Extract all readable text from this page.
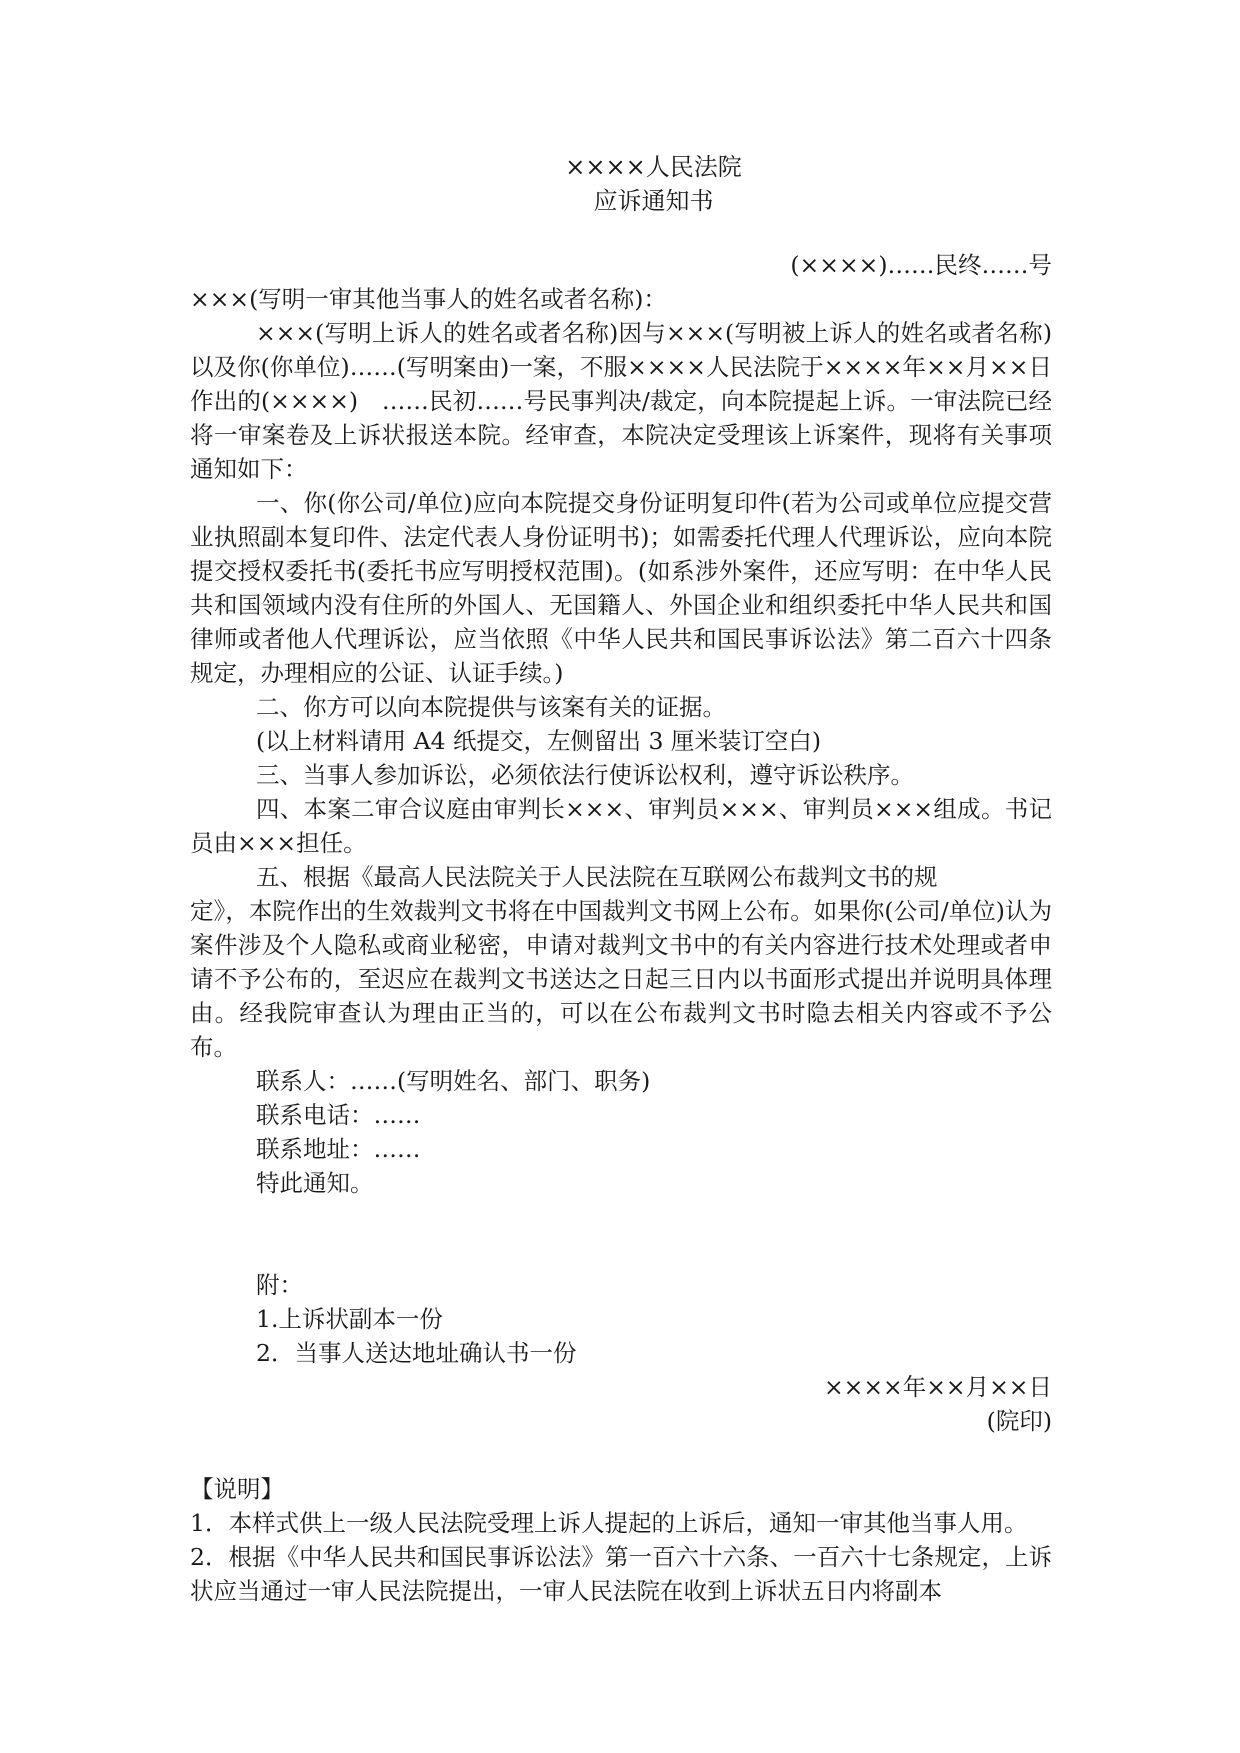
××××人民法院
应诉通知书
(××××)……民终……号

×××(写明一审其他当事人的姓名或者名称)：

×××(写明上诉人的姓名或者名称)因与×××(写明被上诉人的姓名或者名称)以及你(你单位)……(写明案由)一案，不服××××人民法院于××××年××月××日作出的(××××)　……民初……号民事判决/裁定，向本院提起上诉。一审法院已经将一审案卷及上诉状报送本院。经审查，本院决定受理该上诉案件，现将有关事项通知如下：

一、你(你公司/单位)应向本院提交身份证明复印件(若为公司或单位应提交营业执照副本复印件、法定代表人身份证明书)；如需委托代理人代理诉讼，应向本院提交授权委托书(委托书应写明授权范围)。(如系涉外案件，还应写明：在中华人民共和国领域内没有住所的外国人、无国籍人、外国企业和组织委托中华人民共和国律师或者他人代理诉讼，应当依照《中华人民共和国民事诉讼法》第二百六十四条规定，办理相应的公证、认证手续。)

二、你方可以向本院提供与该案有关的证据。

(以上材料请用 A4 纸提交，左侧留出 3 厘米装订空白)

三、当事人参加诉讼，必须依法行使诉讼权利，遵守诉讼秩序。

四、本案二审合议庭由审判长×××、审判员×××、审判员×××组成。书记员由×××担任。

五、根据《最高人民法院关于人民法院在互联网公布裁判文书的规

定》，本院作出的生效裁判文书将在中国裁判文书网上公布。如果你(公司/单位)认为案件涉及个人隐私或商业秘密，申请对裁判文书中的有关内容进行技术处理或者申请不予公布的，至迟应在裁判文书送达之日起三日内以书面形式提出并说明具体理由。经我院审查认为理由正当的，可以在公布裁判文书时隐去相关内容或不予公布。

联系人：……(写明姓名、部门、职务)

联系电话：……

联系地址：……

特此通知。

附：

1.上诉状副本一份

2．当事人送达地址确认书一份

××××年××月××日
(院印)

【说明】

1．本样式供上一级人民法院受理上诉人提起的上诉后，通知一审其他当事人用。

2．根据《中华人民共和国民事诉讼法》第一百六十六条、一百六十七条规定，上诉状应当通过一审人民法院提出，一审人民法院在收到上诉状五日内将副本
